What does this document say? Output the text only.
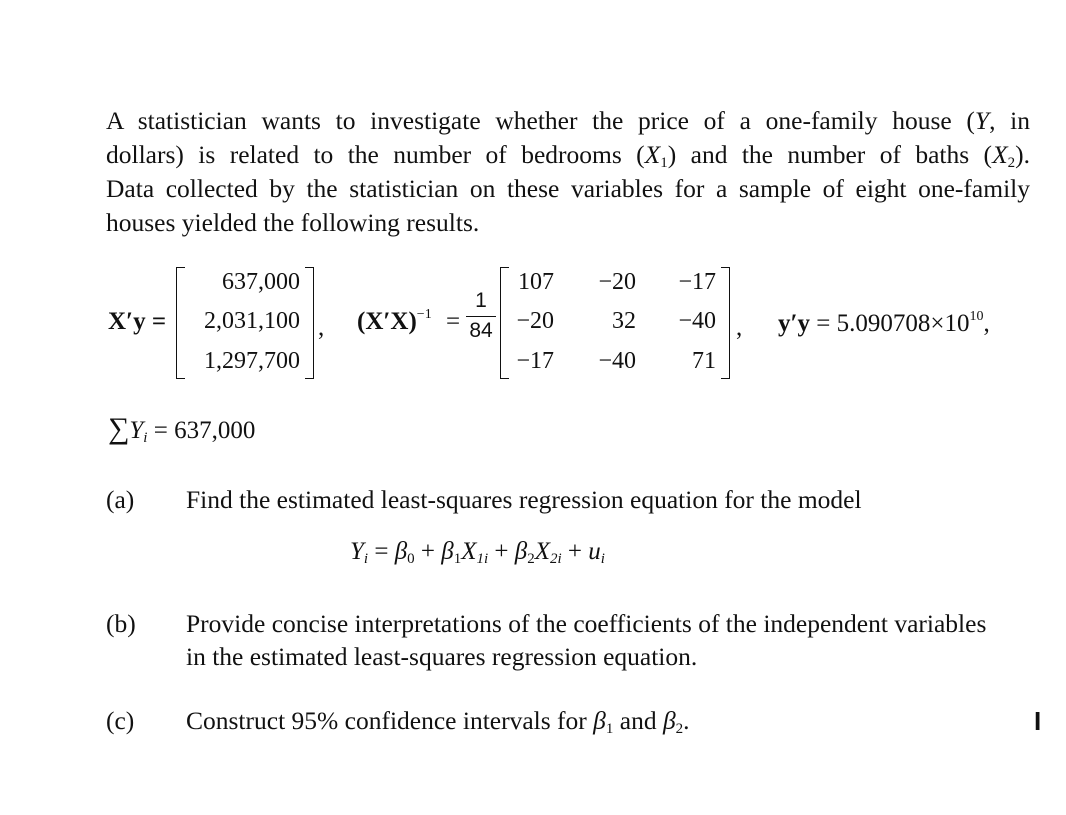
A statistician wants to investigate whether the price of a one-family house (Y, in
dollars) is related to the number of bedrooms $(X_1)$ and the number of baths $(X_2)$.
Data collected by the statistician on these variables for a sample of eight one-family
houses yielded the following results.
X′y =
637,000
2,031,100
1,297,700
, $(X'X)^{-1}$ =
1
84
107 −20 −17
−20 32 −40
−17 −40 71
, $y'y = 5.090708\times 10^{10}$,
$\sum Y_i = 637,000$
(a) Find the estimated least-squares regression equation for the model
$Y_i = \beta_0 + \beta_1X_{1i} + \beta_2X_{2i} + u_i$
(b) Provide concise interpretations of the coefficients of the independent variables
in the estimated least-squares regression equation.
(c) Construct 95% confidence intervals for $\beta_1$ and $\beta_2$.	I
